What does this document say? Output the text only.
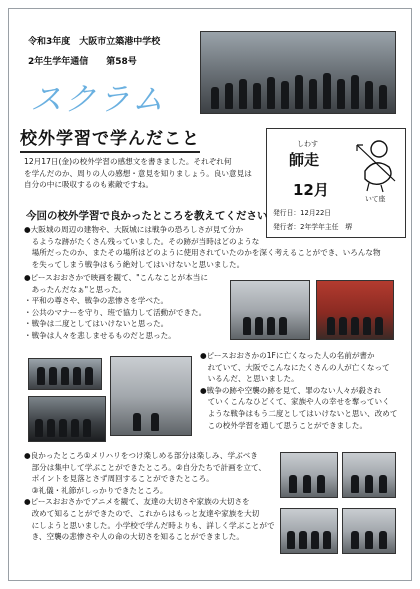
令和3年度　大阪市立築港中学校
2年生学年通信　　第58号
スクラム
校外学習で学んだこと
12月17日(金)の校外学習の感想文を書きました。それぞれ何
を学んだのか、周りの人の感想・意見を知りましょう。良い意見は
自分の中に吸収するのも素敵ですね。
しわす
師走
12月	いて座
発行日：12月22日
発行者：2年学年主任　堺
今回の校外学習で良かったところを教えてください
●大阪城の周辺の建物や、大阪城には戦争の恐ろしさが見て分か
　るような跡がたくさん残っていました。その跡が当時はどのような
　場所だったのか、またその場所はどのように使用されていたのかを深く考えることができ、いろんな物
　を失ってしまう戦争はもう絶対してはいけないと思いました。
●ピースおおさかで映画を観て、"こんなことが本当に
　あったんだなぁ"と思った。
・平和の尊さや、戦争の悲惨さを学べた。
・公共のマナーを守り、班で協力して活動ができた。
・戦争は二度としてはいけないと思った。
・戦争は人々を悲しませるものだと思った。
●ピースおおさかの1Fに亡くなった人の名前が書か
　れていて、大阪でこんなにたくさんの人が亡くなって
　いるんだ、と思いました。
●戦争の跡や空襲の跡を見て、罪のない人々が殺され
　ていくこんなひどくて、家族や人の幸せを奪っていく
　ような戦争はもう二度としてはいけないと思い、改めて
　この校外学習を通して思うことができました。
●良かったところ①メリハリをつけ楽しめる部分は楽しみ、学ぶべき
　部分は集中して学ぶことができたところ。②自分たちで計画を立て、
　ポイントを見落とさず周回することができたところ。
　③礼儀・礼節がしっかりできたところ。
●ピースおおさかでアニメを観て、友達の大切さや家族の大切さを
　改めて知ることができたので、これからはもっと友達や家族を大切
　にしようと思いました。小学校で学んだ時よりも、詳しく学ぶことがで
　き、空襲の悲惨さや人の命の大切さを知ることができました。
